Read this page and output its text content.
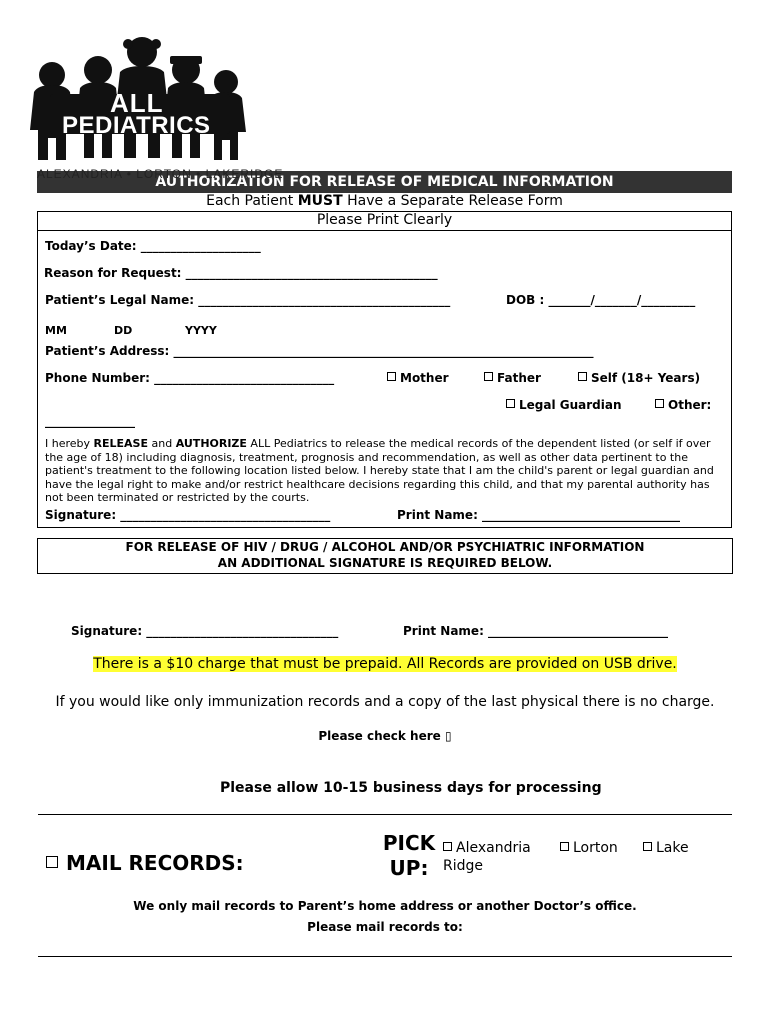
ALL
PEDIATRICS
AUTHORIZATION FOR RELEASE OF MEDICAL INFORMATION
ALEXANDRIA • LORTON • LAKERIDGE
Each Patient MUST Have a Separate Release Form
Please Print Clearly
Today’s Date: ____________________
Reason for Request: __________________________________________
Patient’s Legal Name: __________________________________________	DOB : _______/_______/_________
MM	DD	YYYY
Patient’s Address: ______________________________________________________________________
Phone Number: ______________________________	Mother	Father	Self (18+ Years)
Legal Guardian	Other:
_______________
I hereby RELEASE and AUTHORIZE ALL Pediatrics to release the medical records of the dependent listed (or self if over the age of 18) including diagnosis, treatment, prognosis and recommendation, as well as other data pertinent to the patient's treatment to the following location listed below. I hereby state that I am the child's parent or legal guardian and have the legal right to make and/or restrict healthcare decisions regarding this child, and that my parental authority has not been terminated or restricted by the courts.
Signature: ___________________________________	Print Name: _________________________________
FOR RELEASE OF HIV / DRUG / ALCOHOL AND/OR PSYCHIATRIC INFORMATION
AN ADDITIONAL SIGNATURE IS REQUIRED BELOW.
Signature: ________________________________	Print Name: ______________________________
There is a $10 charge that must be prepaid. All Records are provided on USB drive.
If you would like only immunization records and a copy of the last physical there is no charge.
Please check here ▯
Please allow 10-15 business days for processing
MAIL RECORDS:
PICK
UP:
Alexandria	Lorton	Lake
Ridge
We only mail records to Parent’s home address or another Doctor’s office.
Please mail records to:
